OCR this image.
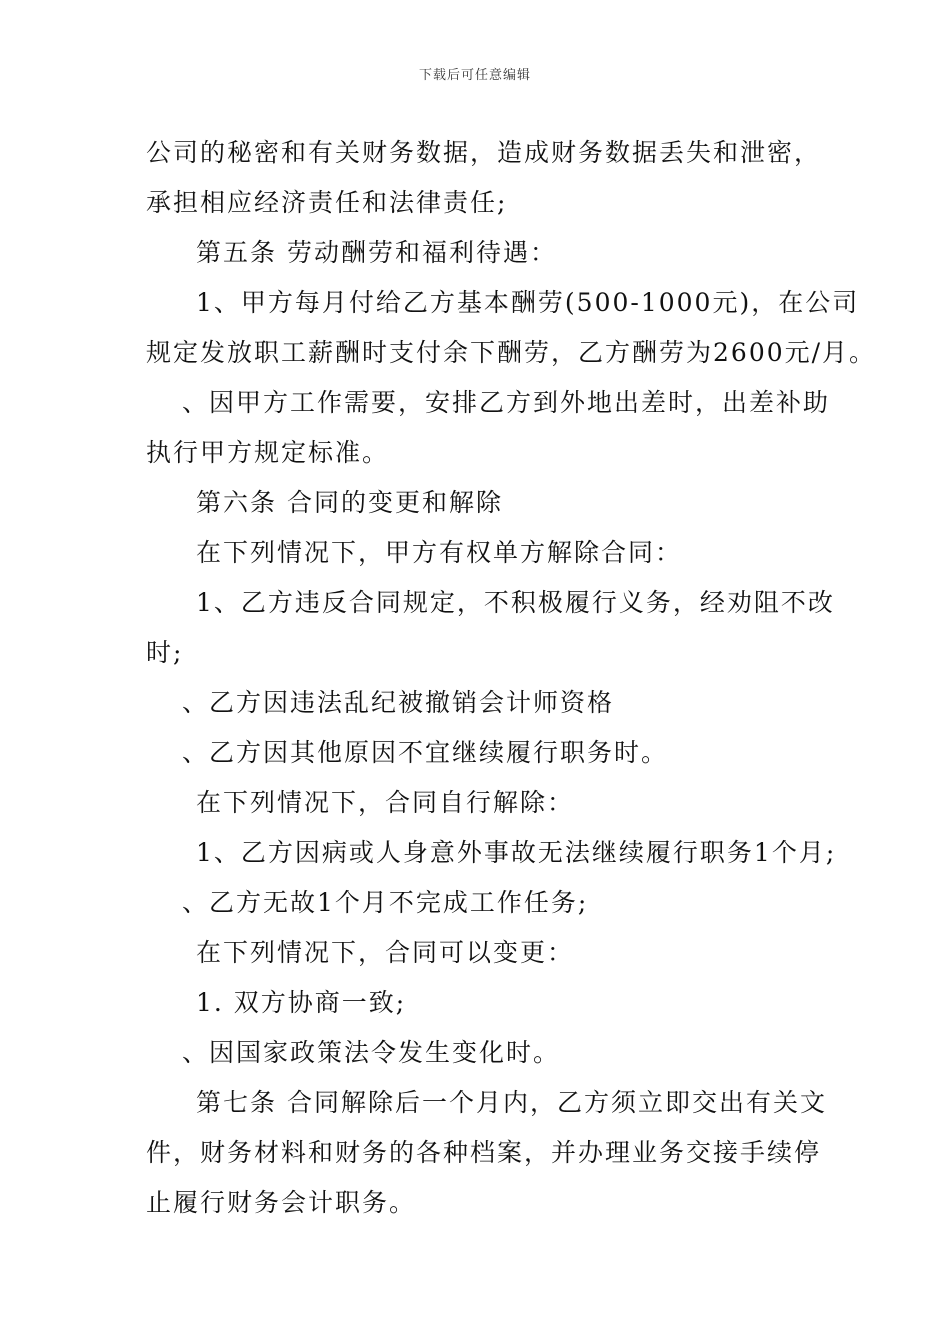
下载后可任意编辑
公司的秘密和有关财务数据，造成财务数据丢失和泄密，
承担相应经济责任和法律责任;
第五条 劳动酬劳和福利待遇：
1、甲方每月付给乙方基本酬劳(500-1000元)，在公司
规定发放职工薪酬时支付余下酬劳，乙方酬劳为2600元/月。
、因甲方工作需要，安排乙方到外地出差时，出差补助
执行甲方规定标准。
第六条 合同的变更和解除
在下列情况下，甲方有权单方解除合同：
1、乙方违反合同规定，不积极履行义务，经劝阻不改
时;
、乙方因违法乱纪被撤销会计师资格
、乙方因其他原因不宜继续履行职务时。
在下列情况下，合同自行解除：
1、乙方因病或人身意外事故无法继续履行职务1个月;
、乙方无故1个月不完成工作任务;
在下列情况下，合同可以变更：
1. 双方协商一致;
、因国家政策法令发生变化时。
第七条 合同解除后一个月内，乙方须立即交出有关文
件，财务材料和财务的各种档案，并办理业务交接手续停
止履行财务会计职务。
